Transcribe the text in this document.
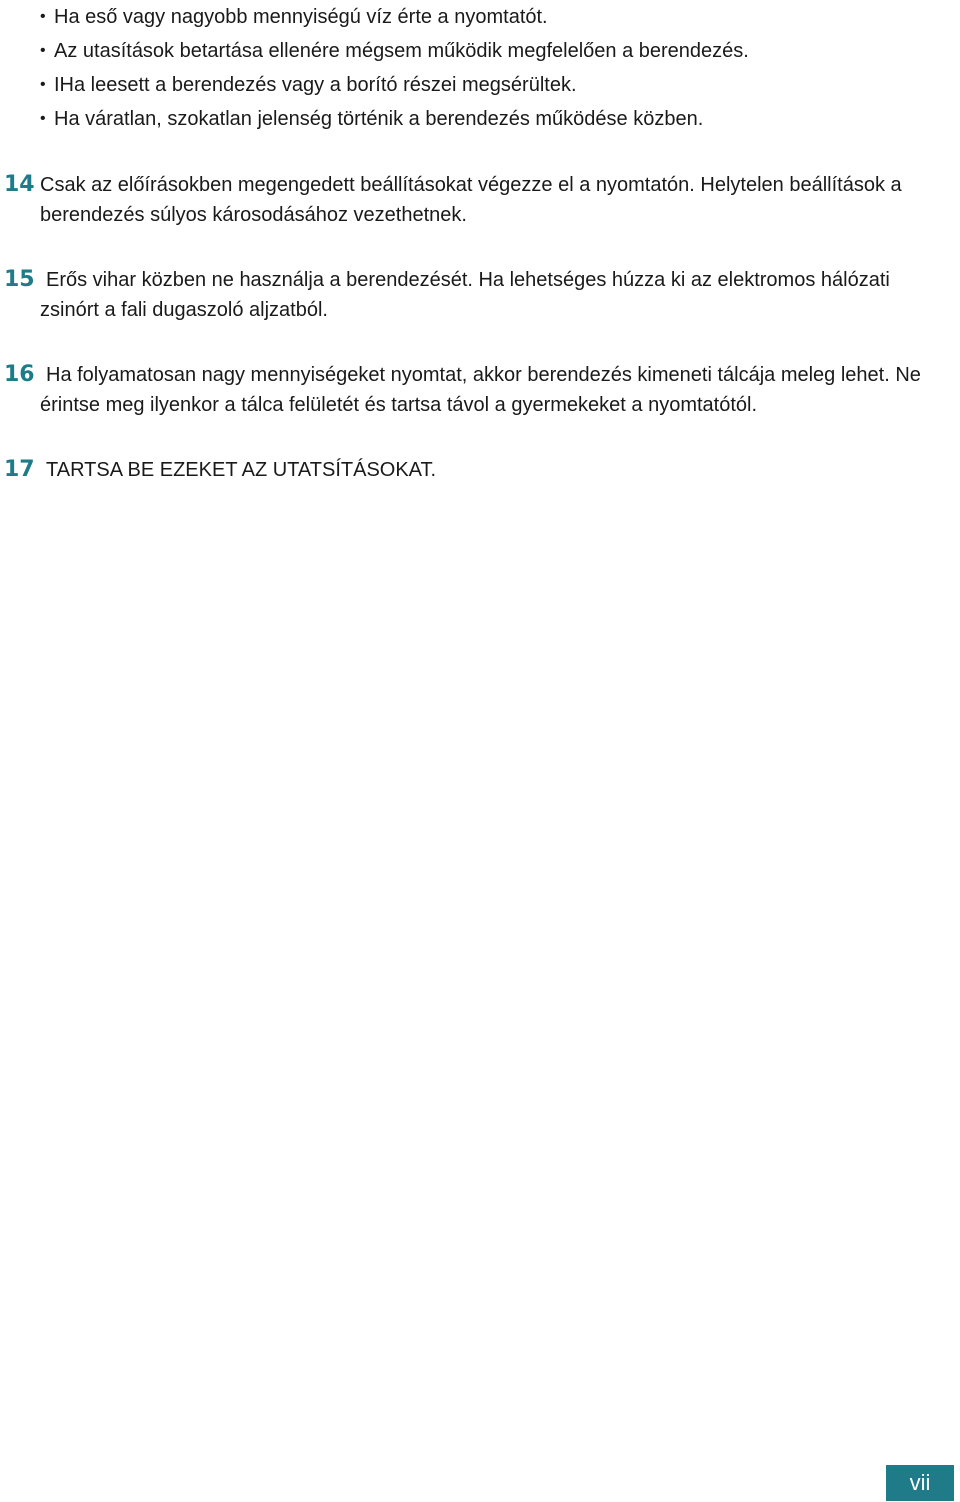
• Ha eső vagy nagyobb mennyiségú víz érte a nyomtatót.
• Az utasítások betartása ellenére mégsem működik megfelelően a berendezés.
• IHa leesett a berendezés vagy a borító részei megsérültek.
• Ha váratlan, szokatlan jelenség történik a berendezés működése közben.
14 Csak az előírásokben megengedett beállításokat végezze el a nyomtatón. Helytelen beállítások a berendezés súlyos károsodásához vezethetnek.

15 Erős vihar közben ne használja a berendezését. Ha lehetséges húzza ki az elektromos hálózati zsinórt a fali dugaszoló aljzatból.

16 Ha folyamatosan nagy mennyiségeket nyomtat, akkor berendezés kimeneti tálcája meleg lehet. Ne érintse meg ilyenkor a tálca felületét és tartsa távol a gyermekeket a nyomtatótól.

17 TARTSA BE EZEKET AZ UTATSÍTÁSOKAT.

vii
